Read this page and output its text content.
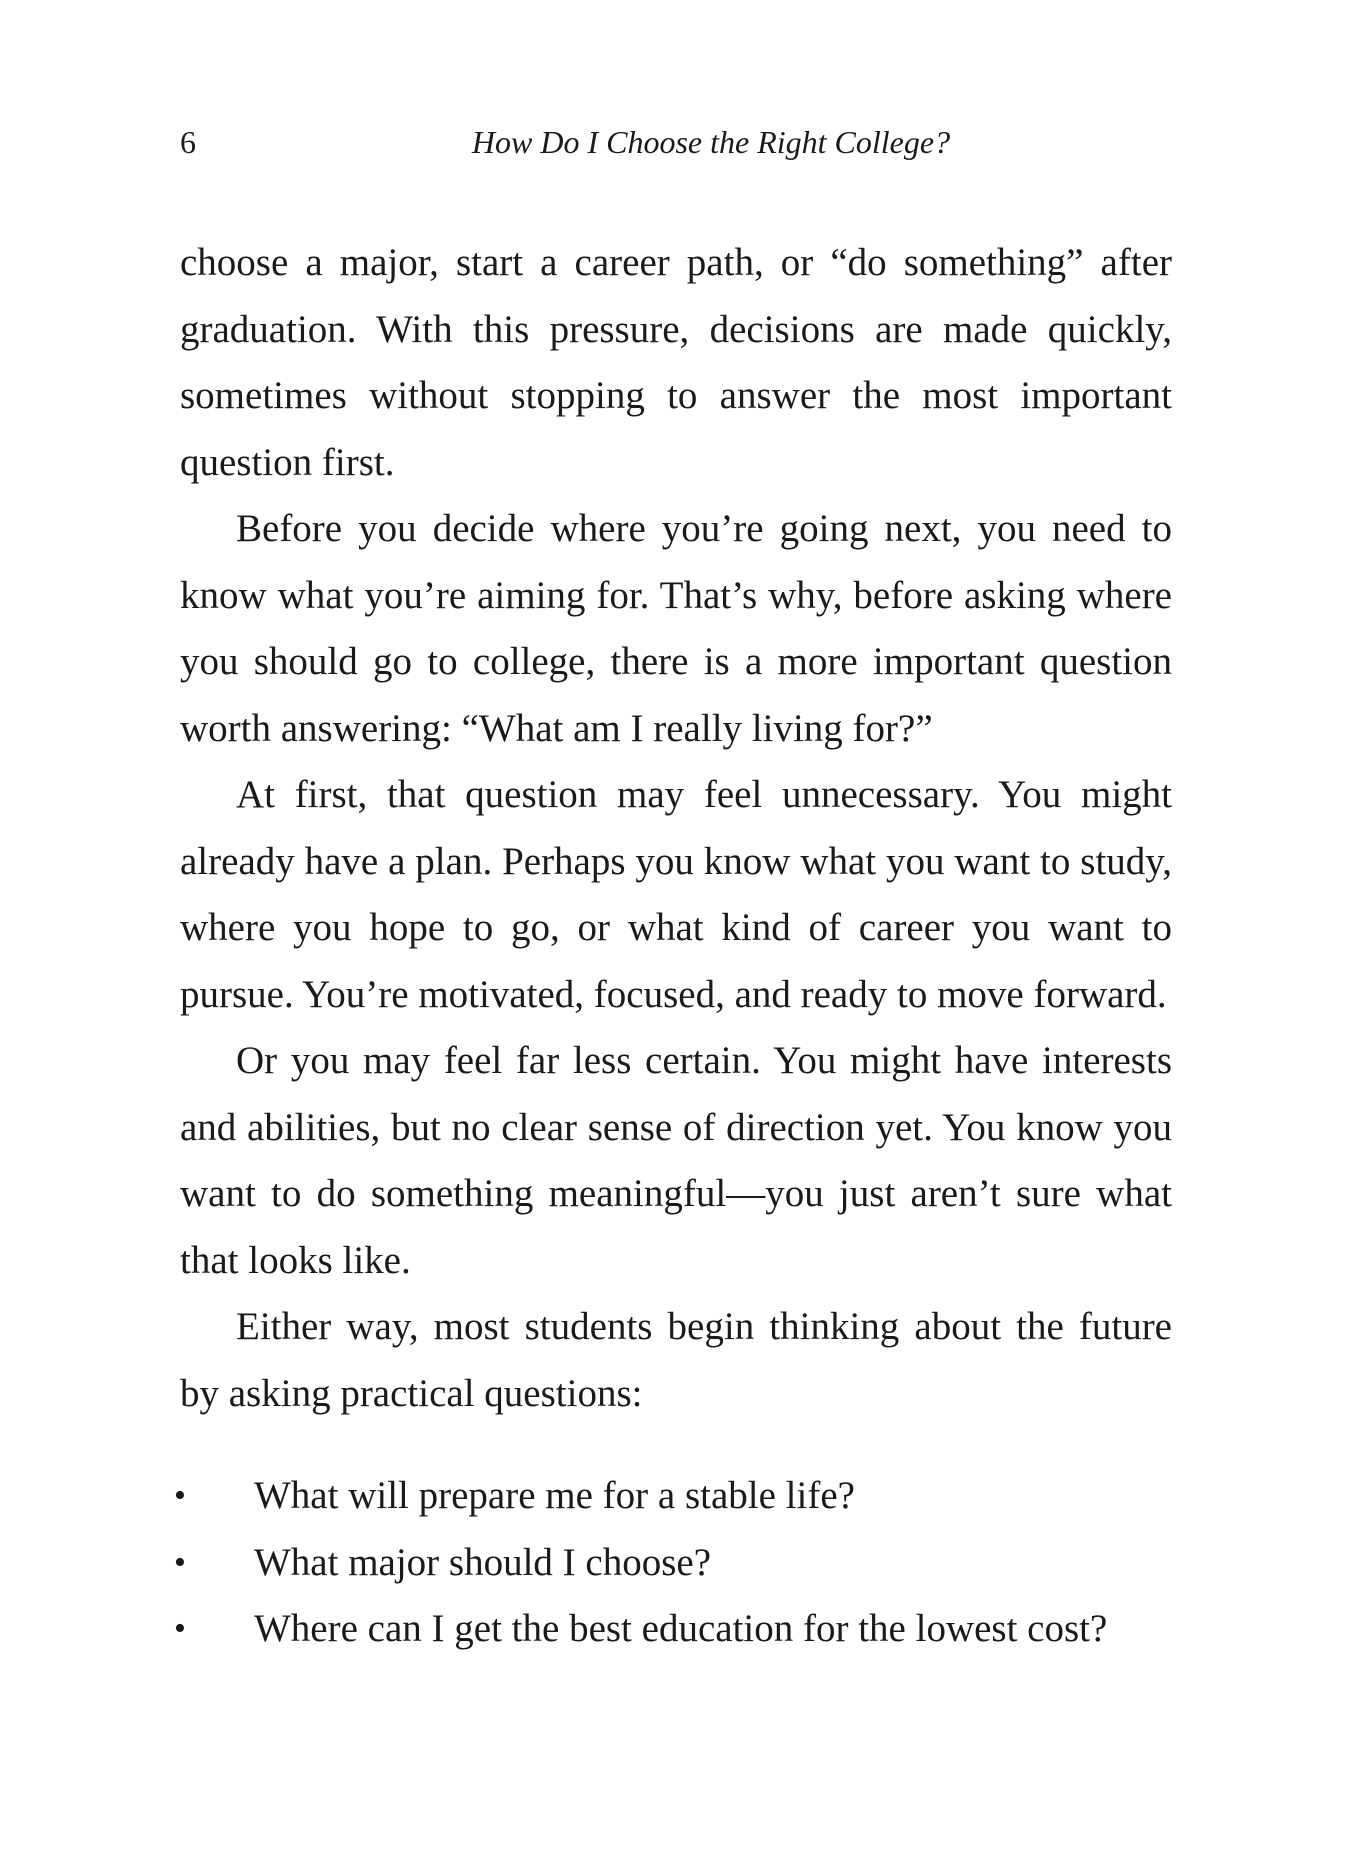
6	How Do I Choose the Right College?

choose a major, start a career path, or “do something” after graduation. With this pressure, decisions are made quickly, sometimes without stopping to answer the most important question first.

Before you decide where you’re going next, you need to know what you’re aiming for. That’s why, before asking where you should go to college, there is a more important question worth answering: “What am I really living for?”

At first, that question may feel unnecessary. You might already have a plan. Perhaps you know what you want to study, where you hope to go, or what kind of career you want to pursue. You’re motivated, focused, and ready to move forward.

Or you may feel far less certain. You might have interests and abilities, but no clear sense of direction yet. You know you want to do something meaningful—you just aren’t sure what that looks like.

Either way, most students begin thinking about the future by asking practical questions:

• What will prepare me for a stable life?
• What major should I choose?
• Where can I get the best education for the lowest cost?
